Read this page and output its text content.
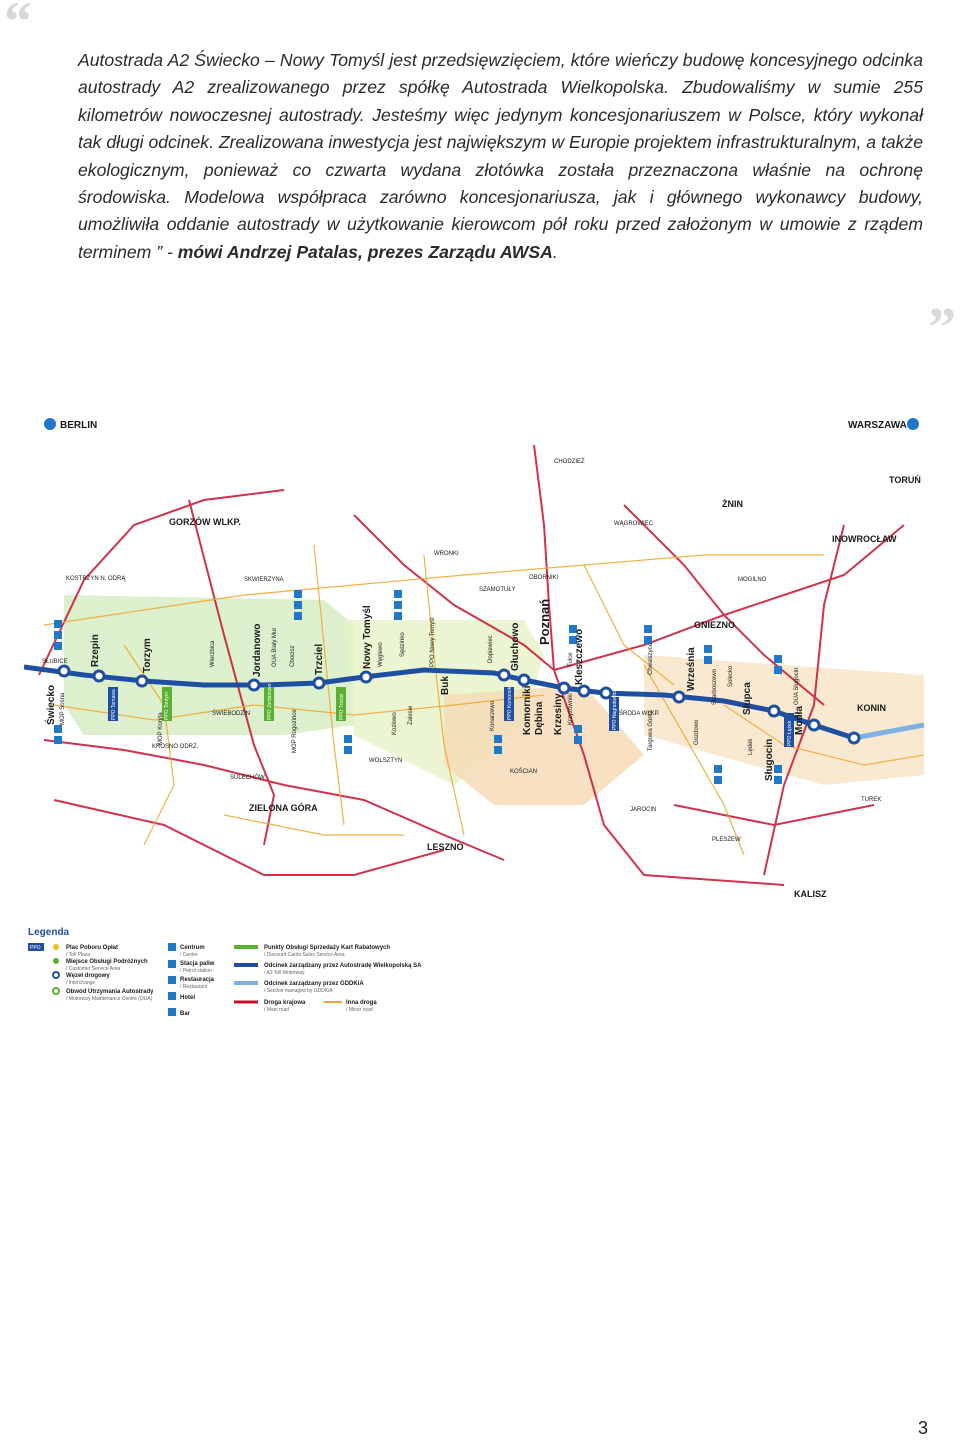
“

Autostrada A2 Świecko – Nowy Tomyśl jest przedsięwzięciem, które wieńczy budowę koncesyjnego odcinka autostrady A2 zrealizowanego przez spółkę Autostrada Wielkopolska. Zbudowaliśmy w sumie 255 kilometrów nowoczesnej autostrady. Jesteśmy więc jedynym koncesjonariuszem w Polsce, który wykonał tak długi odcinek. Zrealizowana inwestycja jest największym w Europie projektem infrastrukturalnym, a także ekologicznym, ponieważ co czwarta wydana złotówka została przeznaczona właśnie na ochronę środowiska. Modelowa współpraca zarówno koncesjonariusza, jak i głównego wykonawcy budowy, umożliwiła oddanie autostrady w użytkowanie kierowcom pół roku przed założonym w umowie z rządem terminem ” - mówi Andrzej Patalas, prezes Zarządu AWSA.

”
BERLIN	WARSZAWA
GORZÓW WLKP.
ZIELONA GÓRA
LESZNO
KALISZ
KONIN
GNIEZNO
INOWROCŁAW
TORUŃ
ŻNIN
Poznań
CHODZIEŻ
WĄGROWIEC
WRONKI
SZAMOTUŁY
OBORNIKI
KOSTRZYN N. ODRĄ	SKWIERZYNA
SŁUBICE
ŚWIEBODZIN
KROSNO ODRZ.
SULECHÓW
WOLSZTYN
KOŚCIAN
ŚRODA WLKP.
JAROCIN
PLESZEW
TUREK
MOGILNO
Świecko
Rzepin	Torzym	Jordanowo	Trzciel	Nowy Tomyśl
Buk
Głuchowo
Komorniki Dębina Krzesiny
Kleszczewo	Września
Słupca
Sługocin
Modła
MOP Sosna
MOP Koryta	MOP Rogozińce	Kozłowo Zalesie	Konarzewo	Krzyżówniki
Targowa Górka	Gozdowo
Skarboszewo
Lędek
Chocisz	Węglewo
Wierzbica	Sędzinko	Dopiewiec	Tulce	Chwalszyce
Solecko
PPO Torzym
PPO Tarnawa	PPO Jordanowo	PPO Trzciel	PPO Komorniki	PPO Nagradowice
PPO Łężek
PPO Nowy Tomyśl
OUA Biały Mur
OUA Sługocin
Legenda
PPO	Plac Poboru Opłat
/ Toll Plaza
Miejsce Obsługi Podróżnych
/ Customer Service Area
Węzeł drogowy
/ Interchange
Obwód Utrzymania Autostrady
/ Motorway Maintenance Centre (OUA)
Centrum
/ Centre
Stacja paliw
/ Petrol station
Restauracja
/ Restaurant
Hotel
Bar
Punkty Obsługi Sprzedaży Kart Rabatowych
/ Discount Cards Sales Service Area
Odcinek zarządzany przez Autostradę Wielkopolską SA
/ A2 Toll Motorway
Odcinek zarządzany przez GDDKiA
/ Section managed by GDDKiA
Droga krajowa
/ Main road
Inna droga
/ Minor road
3
